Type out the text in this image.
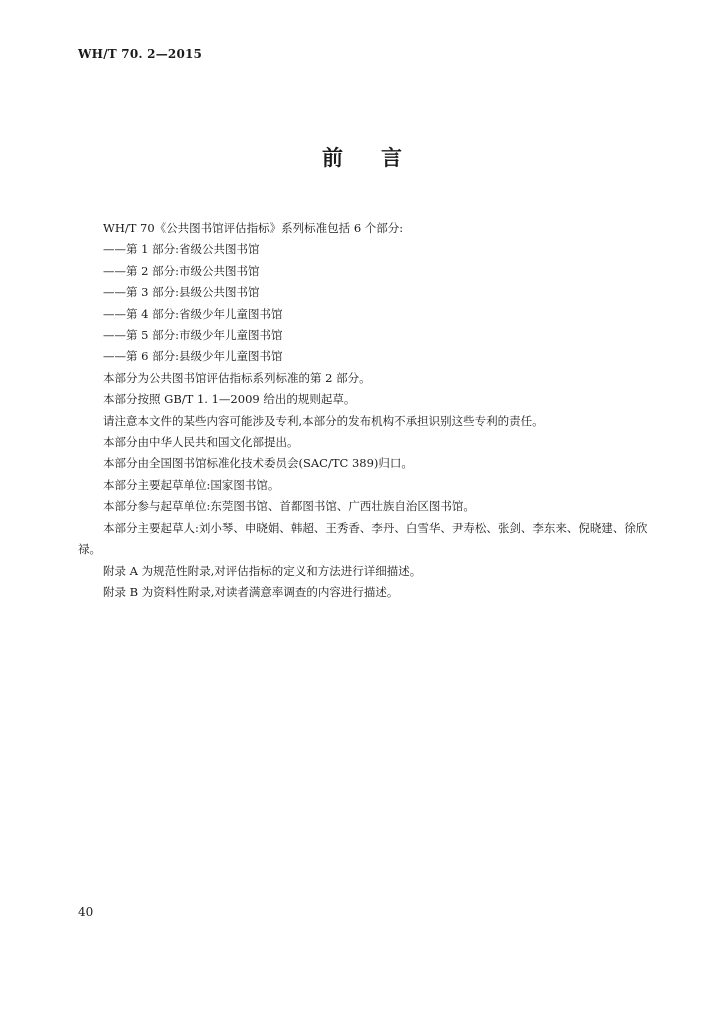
WH/T 70. 2—2015
前 言

WH/T 70《公共图书馆评估指标》系列标准包括 6 个部分:

——第 1 部分:省级公共图书馆

——第 2 部分:市级公共图书馆

——第 3 部分:县级公共图书馆

——第 4 部分:省级少年儿童图书馆

——第 5 部分:市级少年儿童图书馆

——第 6 部分:县级少年儿童图书馆

本部分为公共图书馆评估指标系列标准的第 2 部分。

本部分按照 GB/T 1. 1—2009 给出的规则起草。

请注意本文件的某些内容可能涉及专利,本部分的发布机构不承担识别这些专利的责任。

本部分由中华人民共和国文化部提出。

本部分由全国图书馆标准化技术委员会(SAC/TC 389)归口。

本部分主要起草单位:国家图书馆。

本部分参与起草单位:东莞图书馆、首都图书馆、广西壮族自治区图书馆。

本部分主要起草人:刘小琴、申晓娟、韩超、王秀香、李丹、白雪华、尹寿松、张剑、李东来、倪晓建、徐欣禄。

附录 A 为规范性附录,对评估指标的定义和方法进行详细描述。

附录 B 为资料性附录,对读者满意率调查的内容进行描述。

40
